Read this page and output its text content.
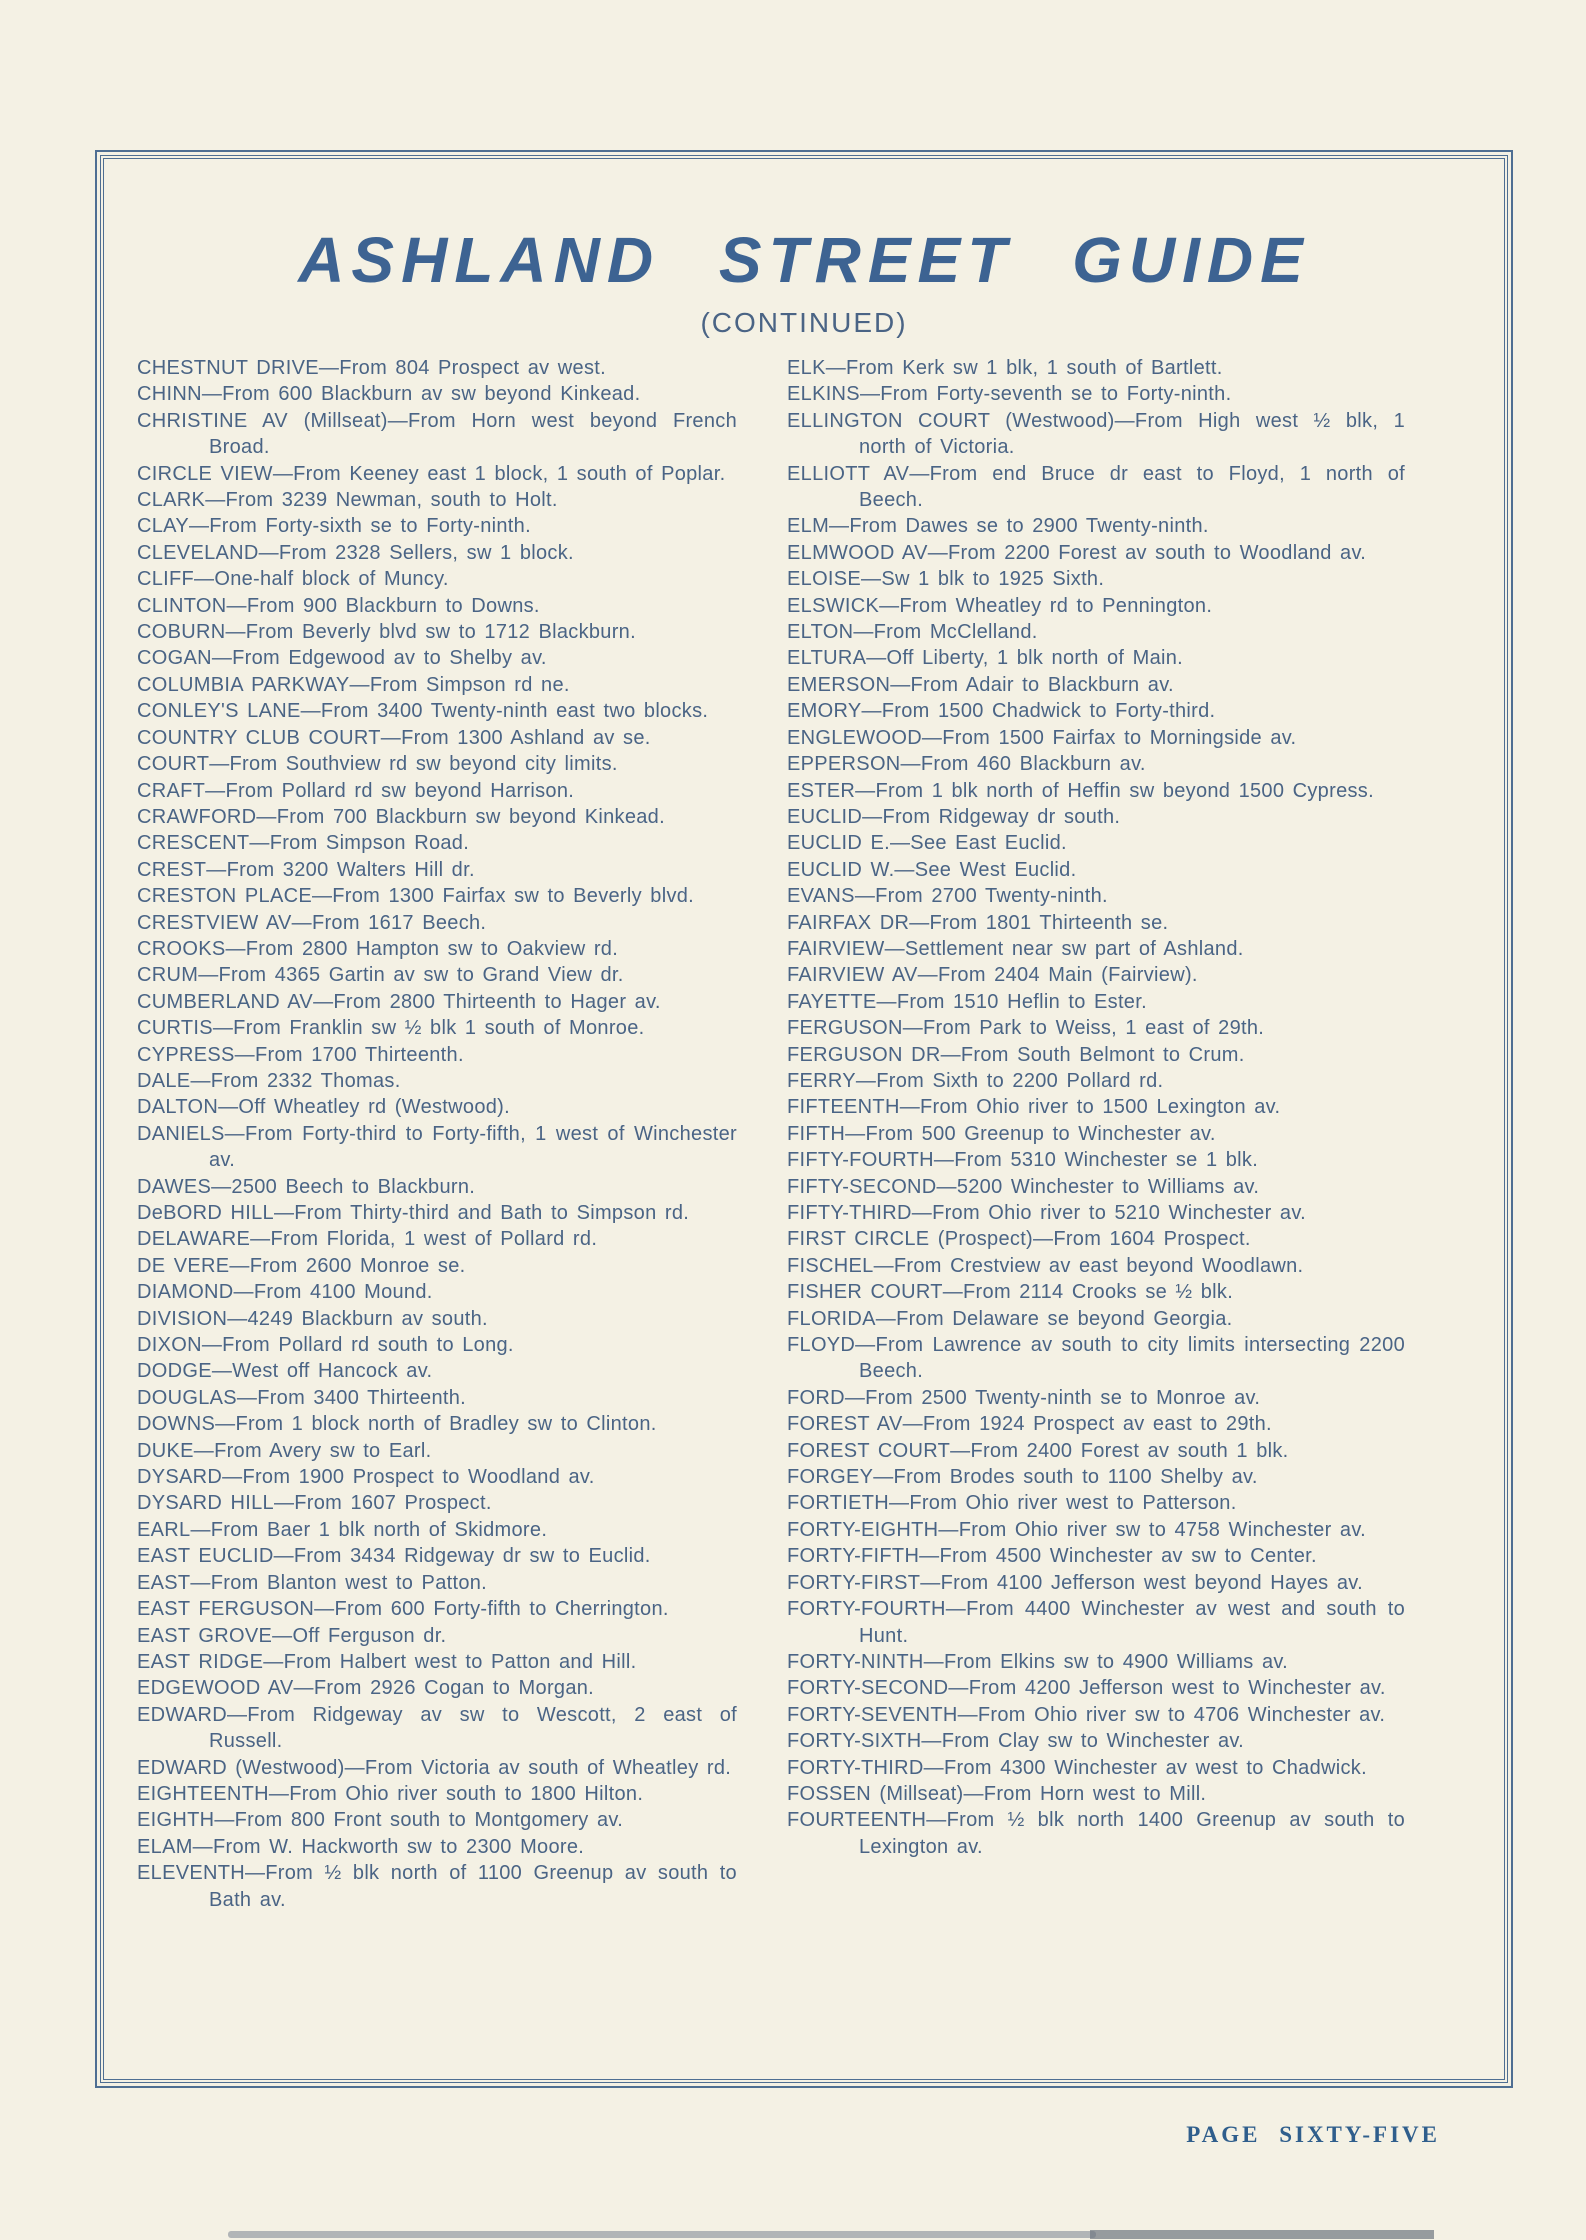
ASHLAND STREET GUIDE
(CONTINUED)

CHESTNUT DRIVE—From 804 Prospect av west.

CHINN—From 600 Blackburn av sw beyond Kinkead.

CHRISTINE AV (Millseat)—From Horn west beyond French Broad.

CIRCLE VIEW—From Keeney east 1 block, 1 south of Poplar.

CLARK—From 3239 Newman, south to Holt.

CLAY—From Forty-sixth se to Forty-ninth.

CLEVELAND—From 2328 Sellers, sw 1 block.

CLIFF—One-half block of Muncy.

CLINTON—From 900 Blackburn to Downs.

COBURN—From Beverly blvd sw to 1712 Blackburn.

COGAN—From Edgewood av to Shelby av.

COLUMBIA PARKWAY—From Simpson rd ne.

CONLEY'S LANE—From 3400 Twenty-ninth east two blocks.

COUNTRY CLUB COURT—From 1300 Ashland av se.

COURT—From Southview rd sw beyond city limits.

CRAFT—From Pollard rd sw beyond Harrison.

CRAWFORD—From 700 Blackburn sw beyond Kinkead.

CRESCENT—From Simpson Road.

CREST—From 3200 Walters Hill dr.

CRESTON PLACE—From 1300 Fairfax sw to Beverly blvd.

CRESTVIEW AV—From 1617 Beech.

CROOKS—From 2800 Hampton sw to Oakview rd.

CRUM—From 4365 Gartin av sw to Grand View dr.

CUMBERLAND AV—From 2800 Thirteenth to Hager av.

CURTIS—From Franklin sw ½ blk 1 south of Monroe.

CYPRESS—From 1700 Thirteenth.

DALE—From 2332 Thomas.

DALTON—Off Wheatley rd (Westwood).

DANIELS—From Forty-third to Forty-fifth, 1 west of Winchester av.

DAWES—2500 Beech to Blackburn.

DeBORD HILL—From Thirty-third and Bath to Simpson rd.

DELAWARE—From Florida, 1 west of Pollard rd.

DE VERE—From 2600 Monroe se.

DIAMOND—From 4100 Mound.

DIVISION—4249 Blackburn av south.

DIXON—From Pollard rd south to Long.

DODGE—West off Hancock av.

DOUGLAS—From 3400 Thirteenth.

DOWNS—From 1 block north of Bradley sw to Clinton.

DUKE—From Avery sw to Earl.

DYSARD—From 1900 Prospect to Woodland av.

DYSARD HILL—From 1607 Prospect.

EARL—From Baer 1 blk north of Skidmore.

EAST EUCLID—From 3434 Ridgeway dr sw to Euclid.

EAST—From Blanton west to Patton.

EAST FERGUSON—From 600 Forty-fifth to Cherrington.

EAST GROVE—Off Ferguson dr.

EAST RIDGE—From Halbert west to Patton and Hill.

EDGEWOOD AV—From 2926 Cogan to Morgan.

EDWARD—From Ridgeway av sw to Wescott, 2 east of Russell.

EDWARD (Westwood)—From Victoria av south of Wheatley rd.

EIGHTEENTH—From Ohio river south to 1800 Hilton.

EIGHTH—From 800 Front south to Montgomery av.

ELAM—From W. Hackworth sw to 2300 Moore.

ELEVENTH—From ½ blk north of 1100 Greenup av south to Bath av.

ELK—From Kerk sw 1 blk, 1 south of Bartlett.

ELKINS—From Forty-seventh se to Forty-ninth.

ELLINGTON COURT (Westwood)—From High west ½ blk, 1 north of Victoria.

ELLIOTT AV—From end Bruce dr east to Floyd, 1 north of Beech.

ELM—From Dawes se to 2900 Twenty-ninth.

ELMWOOD AV—From 2200 Forest av south to Woodland av.

ELOISE—Sw 1 blk to 1925 Sixth.

ELSWICK—From Wheatley rd to Pennington.

ELTON—From McClelland.

ELTURA—Off Liberty, 1 blk north of Main.

EMERSON—From Adair to Blackburn av.

EMORY—From 1500 Chadwick to Forty-third.

ENGLEWOOD—From 1500 Fairfax to Morningside av.

EPPERSON—From 460 Blackburn av.

ESTER—From 1 blk north of Heffin sw beyond 1500 Cypress.

EUCLID—From Ridgeway dr south.

EUCLID E.—See East Euclid.

EUCLID W.—See West Euclid.

EVANS—From 2700 Twenty-ninth.

FAIRFAX DR—From 1801 Thirteenth se.

FAIRVIEW—Settlement near sw part of Ashland.

FAIRVIEW AV—From 2404 Main (Fairview).

FAYETTE—From 1510 Heflin to Ester.

FERGUSON—From Park to Weiss, 1 east of 29th.

FERGUSON DR—From South Belmont to Crum.

FERRY—From Sixth to 2200 Pollard rd.

FIFTEENTH—From Ohio river to 1500 Lexington av.

FIFTH—From 500 Greenup to Winchester av.

FIFTY-FOURTH—From 5310 Winchester se 1 blk.

FIFTY-SECOND—5200 Winchester to Williams av.

FIFTY-THIRD—From Ohio river to 5210 Winchester av.

FIRST CIRCLE (Prospect)—From 1604 Prospect.

FISCHEL—From Crestview av east beyond Woodlawn.

FISHER COURT—From 2114 Crooks se ½ blk.

FLORIDA—From Delaware se beyond Georgia.

FLOYD—From Lawrence av south to city limits intersecting 2200 Beech.

FORD—From 2500 Twenty-ninth se to Monroe av.

FOREST AV—From 1924 Prospect av east to 29th.

FOREST COURT—From 2400 Forest av south 1 blk.

FORGEY—From Brodes south to 1100 Shelby av.

FORTIETH—From Ohio river west to Patterson.

FORTY-EIGHTH—From Ohio river sw to 4758 Winchester av.

FORTY-FIFTH—From 4500 Winchester av sw to Center.

FORTY-FIRST—From 4100 Jefferson west beyond Hayes av.

FORTY-FOURTH—From 4400 Winchester av west and south to Hunt.

FORTY-NINTH—From Elkins sw to 4900 Williams av.

FORTY-SECOND—From 4200 Jefferson west to Winchester av.

FORTY-SEVENTH—From Ohio river sw to 4706 Winchester av.

FORTY-SIXTH—From Clay sw to Winchester av.

FORTY-THIRD—From 4300 Winchester av west to Chadwick.

FOSSEN (Millseat)—From Horn west to Mill.

FOURTEENTH—From ½ blk north 1400 Greenup av south to Lexington av.

PAGE SIXTY-FIVE
